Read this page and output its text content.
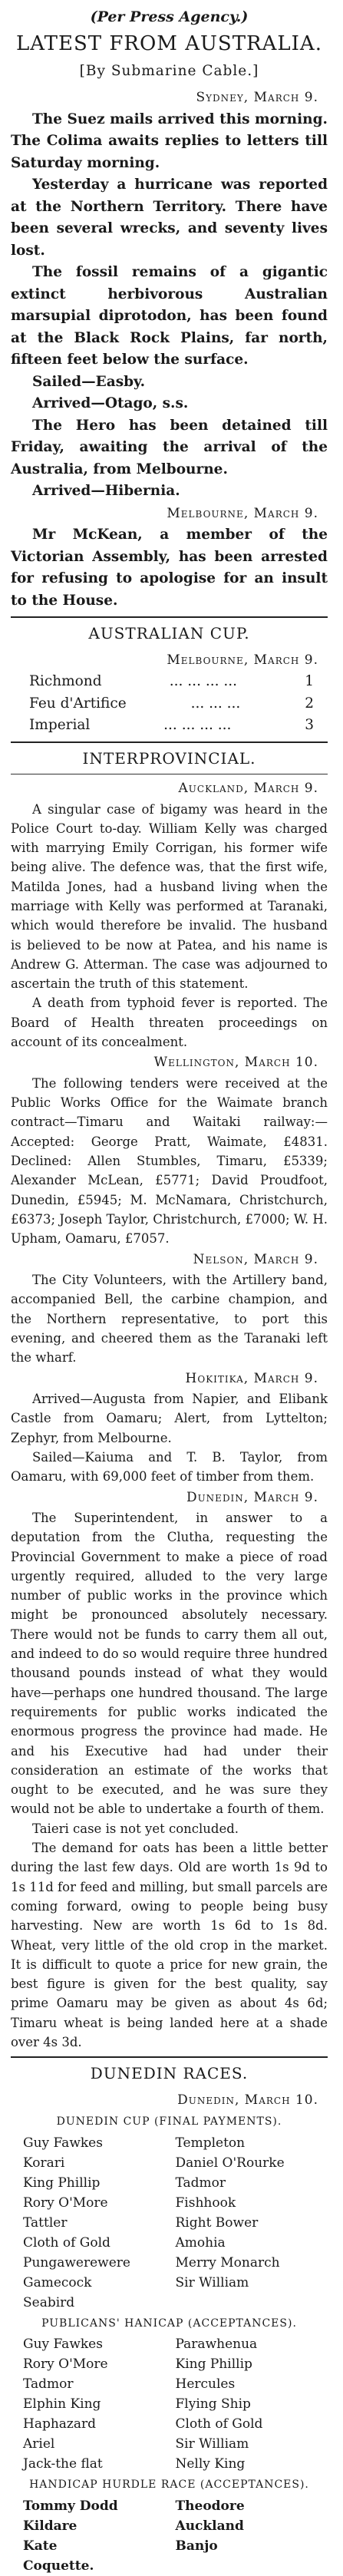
(Per Press Agency.)
LATEST FROM AUSTRALIA.
[By Submarine Cable.]
Sydney, March 9.
The Suez mails arrived this morning. The Colima awaits replies to letters till Saturday morning.
Yesterday a hurricane was reported at the Northern Territory. There have been several wrecks, and seventy lives lost.
The fossil remains of a gigantic extinct herbivorous Australian marsupial diprotodon, has been found at the Black Rock Plains, far north, fifteen feet below the surface.
Sailed—Easby.
Arrived—Otago, s.s.
The Hero has been detained till Friday, awaiting the arrival of the Australia, from Melbourne.
Arrived—Hibernia.
Melbourne, March 9.
Mr McKean, a member of the Victorian Assembly, has been arrested for refusing to apologise for an insult to the House.
AUSTRALIAN CUP.
Melbourne, March 9.
Richmond	... ... ... ...	1
Feu d'Artifice	... ... ...	2
Imperial	... ... ... ...	3
INTERPROVINCIAL.
Auckland, March 9.
A singular case of bigamy was heard in the Police Court to-day. William Kelly was charged with marrying Emily Corrigan, his former wife being alive. The defence was, that the first wife, Matilda Jones, had a husband living when the marriage with Kelly was performed at Taranaki, which would therefore be invalid. The husband is believed to be now at Patea, and his name is Andrew G. Atterman. The case was adjourned to ascertain the truth of this statement.
A death from typhoid fever is reported. The Board of Health threaten proceedings on account of its concealment.
Wellington, March 10.
The following tenders were received at the Public Works Office for the Waimate branch contract—Timaru and Waitaki railway:—Accepted: George Pratt, Waimate, £4831. Declined: Allen Stumbles, Timaru, £5339; Alexander McLean, £5771; David Proudfoot, Dunedin, £5945; M. McNamara, Christchurch, £6373; Joseph Taylor, Christchurch, £7000; W. H. Upham, Oamaru, £7057.
Nelson, March 9.
The City Volunteers, with the Artillery band, accompanied Bell, the carbine champion, and the Northern representative, to port this evening, and cheered them as the Taranaki left the wharf.
Hokitika, March 9.
Arrived—Augusta from Napier, and Elibank Castle from Oamaru; Alert, from Lyttelton; Zephyr, from Melbourne.
Sailed—Kaiuma and T. B. Taylor, from Oamaru, with 69,000 feet of timber from them.
Dunedin, March 9.
The Superintendent, in answer to a deputation from the Clutha, requesting the Provincial Government to make a piece of road urgently required, alluded to the very large number of public works in the province which might be pronounced absolutely necessary. There would not be funds to carry them all out, and indeed to do so would require three hundred thousand pounds instead of what they would have—perhaps one hundred thousand. The large requirements for public works indicated the enormous progress the province had made. He and his Executive had had under their consideration an estimate of the works that ought to be executed, and he was sure they would not be able to undertake a fourth of them.
Taieri case is not yet concluded.
The demand for oats has been a little better during the last few days. Old are worth 1s 9d to 1s 11d for feed and milling, but small parcels are coming forward, owing to people being busy harvesting. New are worth 1s 6d to 1s 8d. Wheat, very little of the old crop in the market. It is difficult to quote a price for new grain, the best figure is given for the best quality, say prime Oamaru may be given as about 4s 6d; Timaru wheat is being landed here at a shade over 4s 3d.
DUNEDIN RACES.
Dunedin, March 10.
DUNEDIN CUP (FINAL PAYMENTS).
Guy Fawkes	Templeton
Korari	Daniel O'Rourke
King Phillip	Tadmor
Rory O'More	Fishhook
Tattler	Right Bower
Cloth of Gold	Amohia
Pungawerewere	Merry Monarch
Gamecock	Sir William
Seabird
PUBLICANS' HANICAP (ACCEPTANCES).
Guy Fawkes	Parawhenua
Rory O'More	King Phillip
Tadmor	Hercules
Elphin King	Flying Ship
Haphazard	Cloth of Gold
Ariel	Sir William
Jack-the flat	Nelly King
HANDICAP HURDLE RACE (ACCEPTANCES).
Tommy Dodd	Theodore
Kildare	Auckland
Kate	Banjo
Coquette.
